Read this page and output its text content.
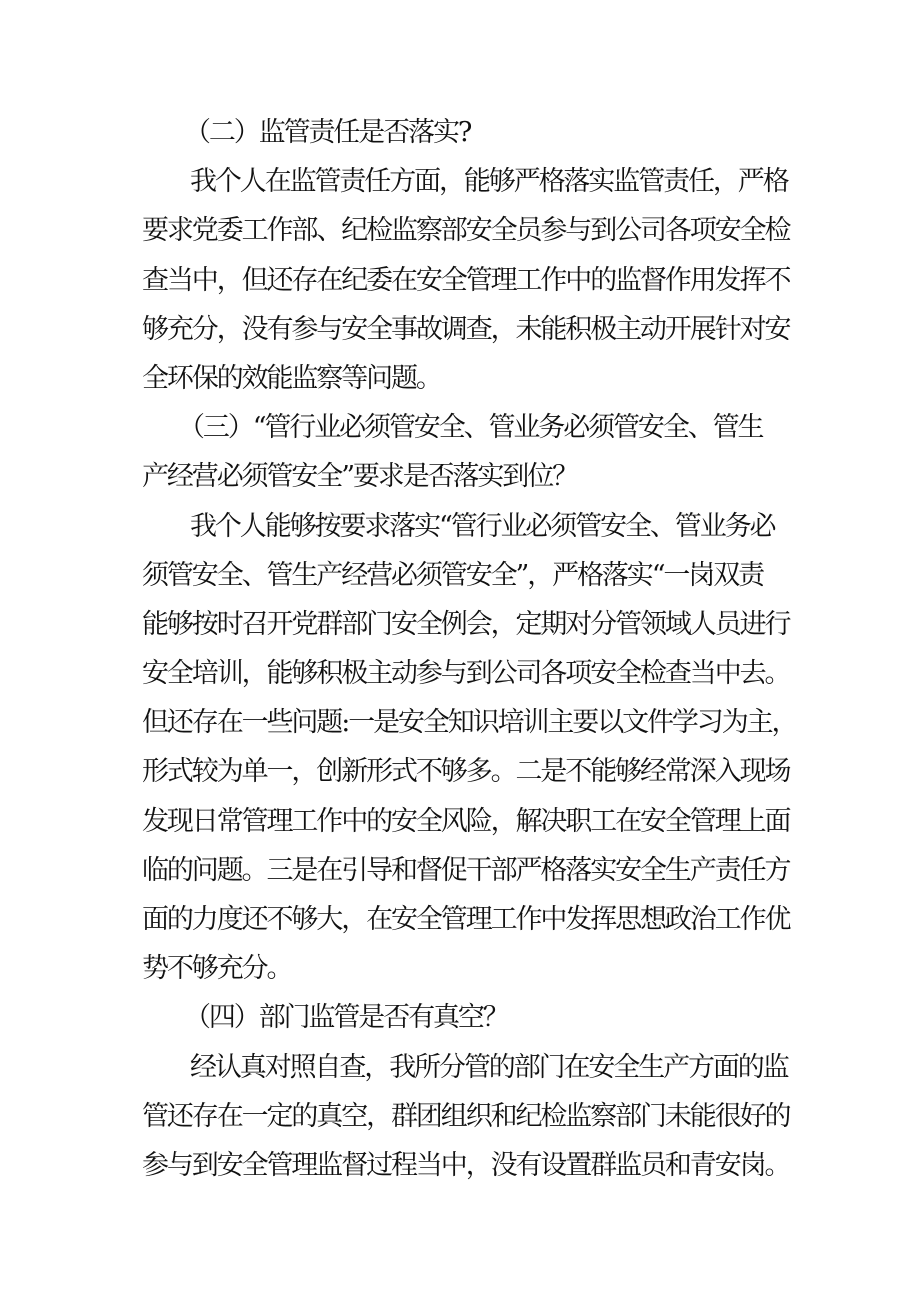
（二）监管责任是否落实?
我个人在监管责任方面，能够严格落实监管责任，严格
要求党委工作部、纪检监察部安全员参与到公司各项安全检
查当中，但还存在纪委在安全管理工作中的监督作用发挥不
够充分，没有参与安全事故调查，未能积极主动开展针对安
全环保的效能监察等问题。
（三）“管行业必须管安全、管业务必须管安全、管生
产经营必须管安全”要求是否落实到位？
我个人能够按要求落实“管行业必须管安全、管业务必
须管安全、管生产经营必须管安全”，严格落实“一岗双责
能够按时召开党群部门安全例会，定期对分管领域人员进行
安全培训，能够积极主动参与到公司各项安全检查当中去。
但还存在一些问题:一是安全知识培训主要以文件学习为主，
形式较为单一，创新形式不够多。二是不能够经常深入现场
发现日常管理工作中的安全风险，解决职工在安全管理上面
临的问题。三是在引导和督促干部严格落实安全生产责任方
面的力度还不够大，在安全管理工作中发挥思想政治工作优
势不够充分。
（四）部门监管是否有真空？
经认真对照自查，我所分管的部门在安全生产方面的监
管还存在一定的真空，群团组织和纪检监察部门未能很好的
参与到安全管理监督过程当中，没有设置群监员和青安岗。
